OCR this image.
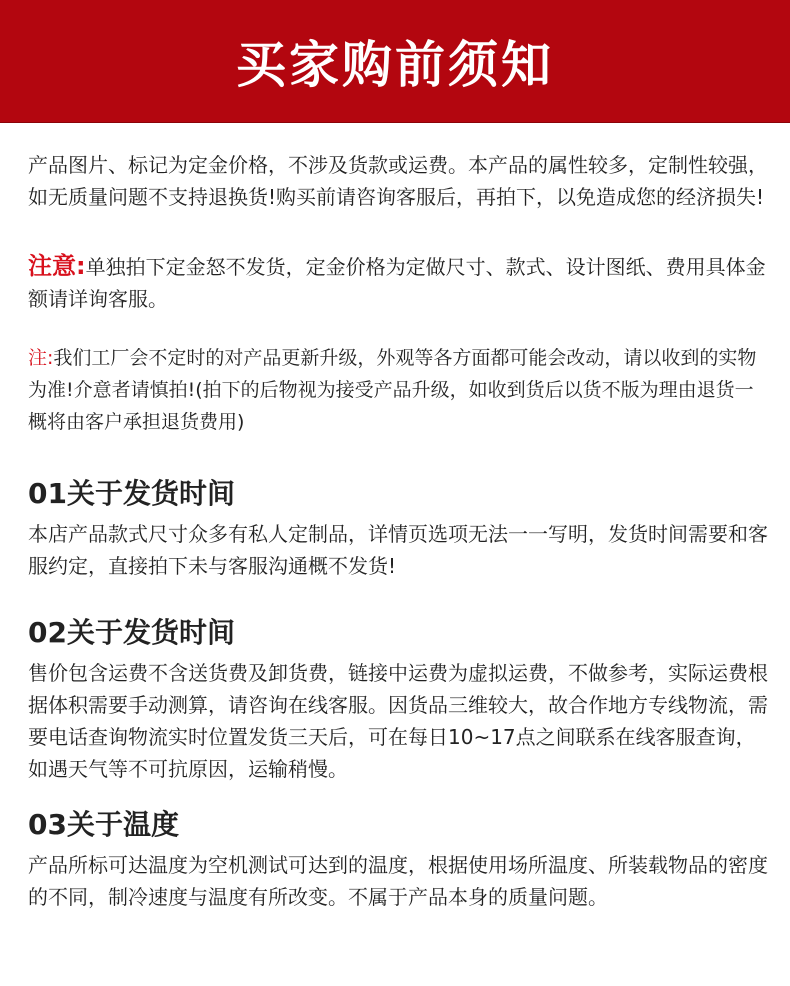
买家购前须知

产品图片、标记为定金价格，不涉及货款或运费。本产品的属性较多，定制性较强，如无质量问题不支持退换货!购买前请咨询客服后，再拍下，以免造成您的经济损失!

注意:单独拍下定金怒不发货，定金价格为定做尺寸、款式、设计图纸、费用具体金额请详询客服。

注:我们工厂会不定时的对产品更新升级，外观等各方面都可能会改动，请以收到的实物为准!介意者请慎拍!(拍下的后物视为接受产品升级，如收到货后以货不版为理由退货一概将由客户承担退货费用)

01关于发货时间

本店产品款式尺寸众多有私人定制品，详情页选项无法一一写明，发货时间需要和客服约定，直接拍下未与客服沟通概不发货!

02关于发货时间

售价包含运费不含送货费及卸货费，链接中运费为虚拟运费，不做参考，实际运费根据体积需要手动测算，请咨询在线客服。因货品三维较大，故合作地方专线物流，需要电话查询物流实时位置发货三天后，可在每日10~17点之间联系在线客服查询，如遇天气等不可抗原因，运输稍慢。

03关于温度

产品所标可达温度为空机测试可达到的温度，根据使用场所温度、所装载物品的密度的不同，制冷速度与温度有所改变。不属于产品本身的质量问题。
